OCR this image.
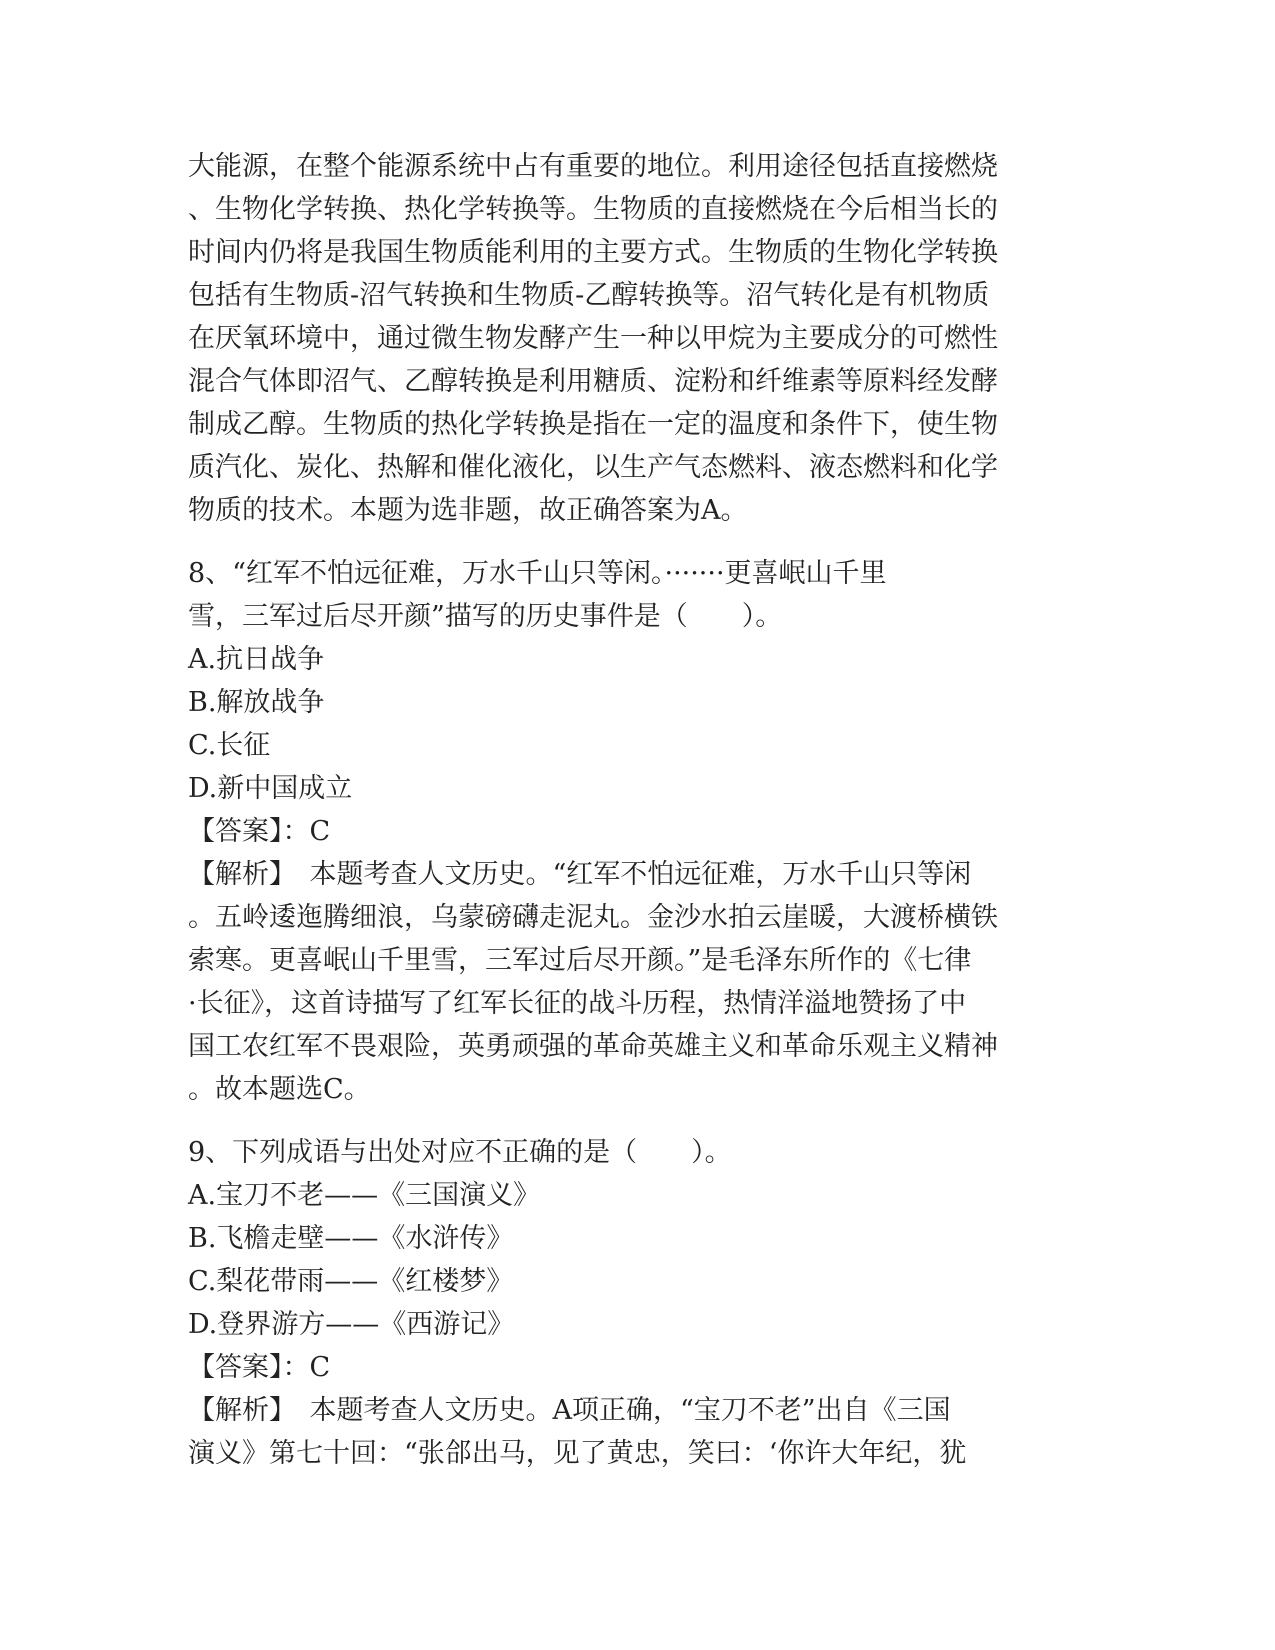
大能源，在整个能源系统中占有重要的地位。利用途径包括直接燃烧
、生物化学转换、热化学转换等。生物质的直接燃烧在今后相当长的
时间内仍将是我国生物质能利用的主要方式。生物质的生物化学转换
包括有生物质-沼气转换和生物质-乙醇转换等。沼气转化是有机物质
在厌氧环境中，通过微生物发酵产生一种以甲烷为主要成分的可燃性
混合气体即沼气、乙醇转换是利用糖质、淀粉和纤维素等原料经发酵
制成乙醇。生物质的热化学转换是指在一定的温度和条件下，使生物
质汽化、炭化、热解和催化液化，以生产气态燃料、液态燃料和化学
物质的技术。本题为选非题，故正确答案为A。
8、“红军不怕远征难，万水千山只等闲。·······更喜岷山千里
雪，三军过后尽开颜”描写的历史事件是（　　）。
A.抗日战争
B.解放战争
C.长征
D.新中国成立
【答案】：C
【解析】　本题考查人文历史。“红军不怕远征难，万水千山只等闲
。五岭逶迤腾细浪，乌蒙磅礴走泥丸。金沙水拍云崖暖，大渡桥横铁
索寒。更喜岷山千里雪，三军过后尽开颜。”是毛泽东所作的《七律
·长征》，这首诗描写了红军长征的战斗历程，热情洋溢地赞扬了中
国工农红军不畏艰险，英勇顽强的革命英雄主义和革命乐观主义精神
。故本题选C。
9、下列成语与出处对应不正确的是（　　）。
A.宝刀不老——《三国演义》
B.飞檐走壁——《水浒传》
C.梨花带雨——《红楼梦》
D.登界游方——《西游记》
【答案】：C
【解析】　本题考查人文历史。A项正确，“宝刀不老”出自《三国
演义》第七十回：“张郃出马，见了黄忠，笑曰：‘你许大年纪，犹
